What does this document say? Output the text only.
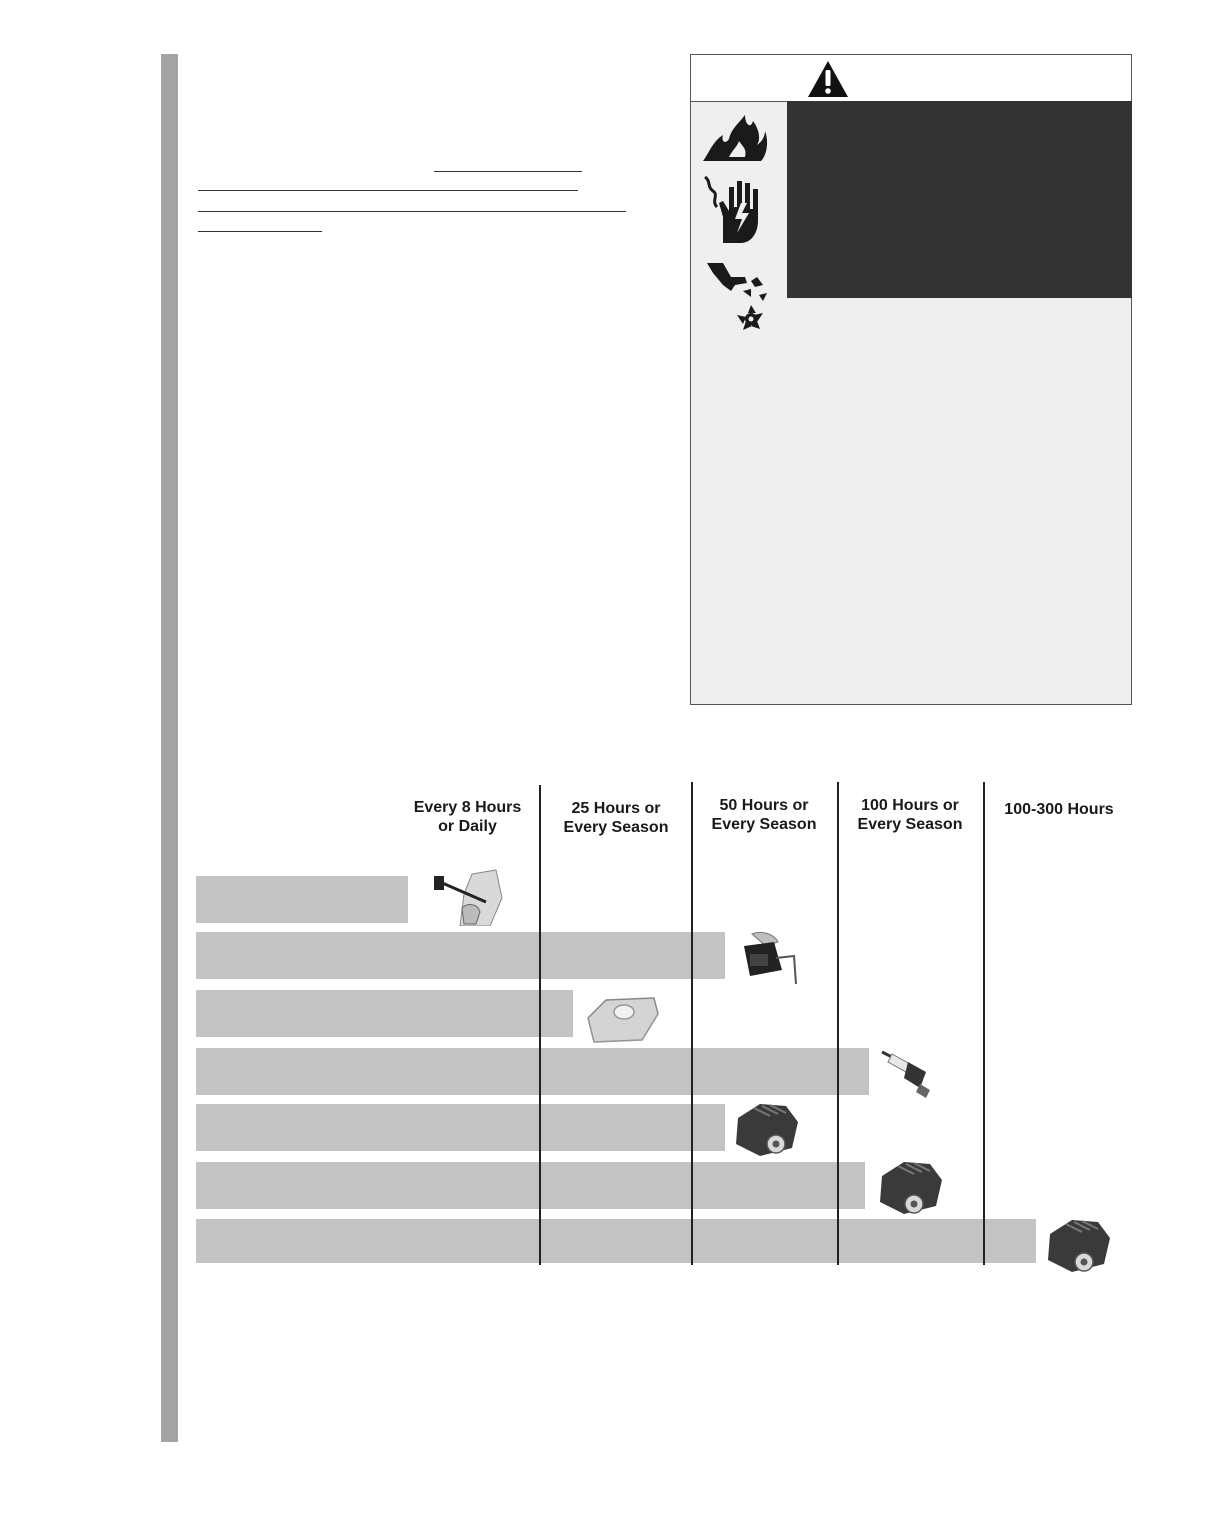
Every 8 Hours
or Daily
25 Hours or
Every Season
50 Hours or
Every Season
100 Hours or
Every Season
100-300 Hours
